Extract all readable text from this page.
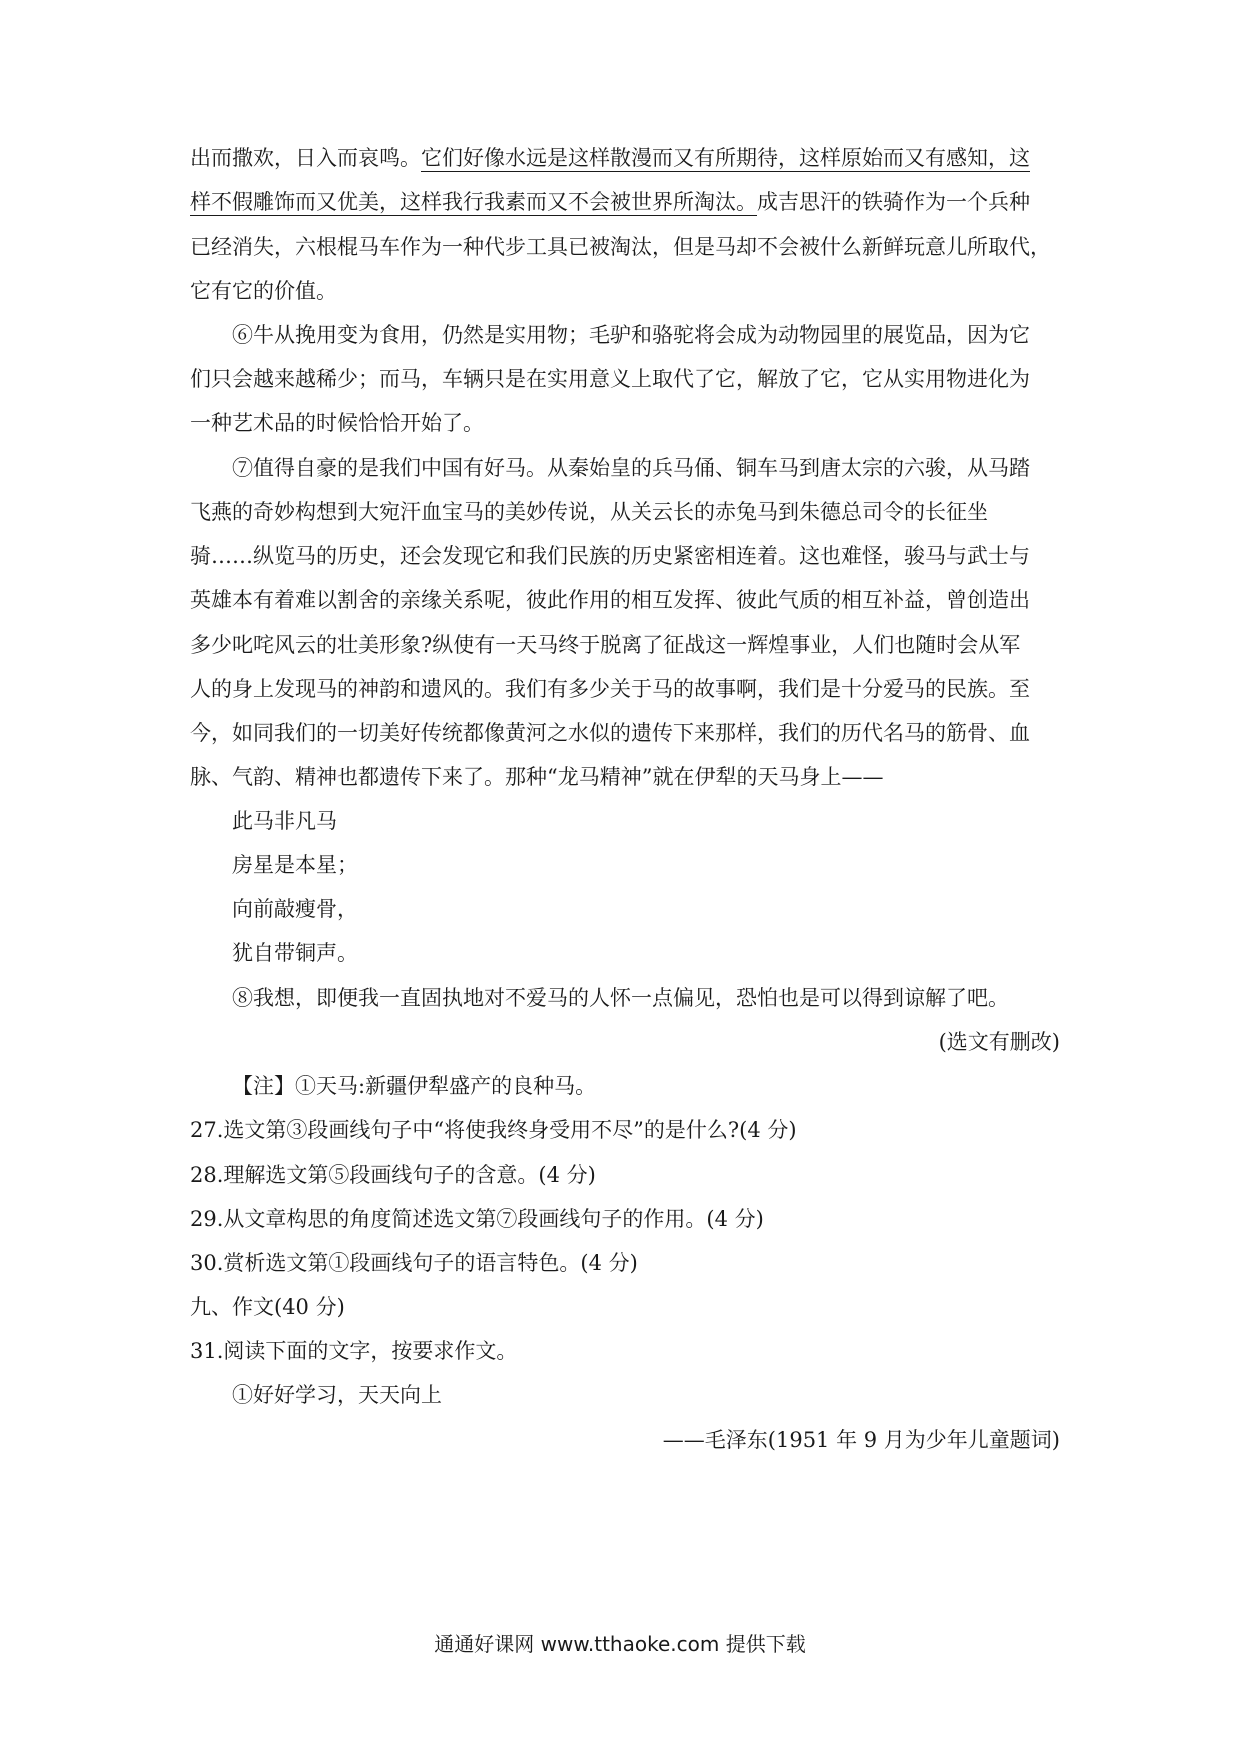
出而撒欢，日入而哀鸣。它们好像水远是这样散漫而又有所期待，这样原始而又有感知，这
样不假雕饰而又优美，这样我行我素而又不会被世界所淘汰。成吉思汗的铁骑作为一个兵种
已经消失，六根棍马车作为一种代步工具已被淘汰，但是马却不会被什么新鲜玩意儿所取代，
它有它的价值。
⑥牛从挽用变为食用，仍然是实用物；毛驴和骆驼将会成为动物园里的展览品，因为它
们只会越来越稀少；而马，车辆只是在实用意义上取代了它，解放了它，它从实用物进化为
一种艺术品的时候恰恰开始了。
⑦值得自豪的是我们中国有好马。从秦始皇的兵马俑、铜车马到唐太宗的六骏，从马踏
飞燕的奇妙构想到大宛汗血宝马的美妙传说，从关云长的赤兔马到朱德总司令的长征坐
骑……纵览马的历史，还会发现它和我们民族的历史紧密相连着。这也难怪，骏马与武士与
英雄本有着难以割舍的亲缘关系呢，彼此作用的相互发挥、彼此气质的相互补益，曾创造出
多少叱咤风云的壮美形象?纵使有一天马终于脱离了征战这一辉煌事业，人们也随时会从军
人的身上发现马的神韵和遗风的。我们有多少关于马的故事啊，我们是十分爱马的民族。至
今，如同我们的一切美好传统都像黄河之水似的遗传下来那样，我们的历代名马的筋骨、血
脉、气韵、精神也都遗传下来了。那种“龙马精神”就在伊犁的天马身上——
此马非凡马
房星是本星；
向前敲瘦骨，
犹自带铜声。
⑧我想，即便我一直固执地对不爱马的人怀一点偏见，恐怕也是可以得到谅解了吧。
(选文有删改)
【注】①天马:新疆伊犁盛产的良种马。
27.选文第③段画线句子中“将使我终身受用不尽”的是什么?(4 分)
28.理解选文第⑤段画线句子的含意。(4 分)
29.从文章构思的角度简述选文第⑦段画线句子的作用。(4 分)
30.赏析选文第①段画线句子的语言特色。(4 分)
九、作文(40 分)
31.阅读下面的文字，按要求作文。
①好好学习，天天向上
——毛泽东(1951 年 9 月为少年儿童题词)
通通好课网 www.tthaoke.com 提供下载
